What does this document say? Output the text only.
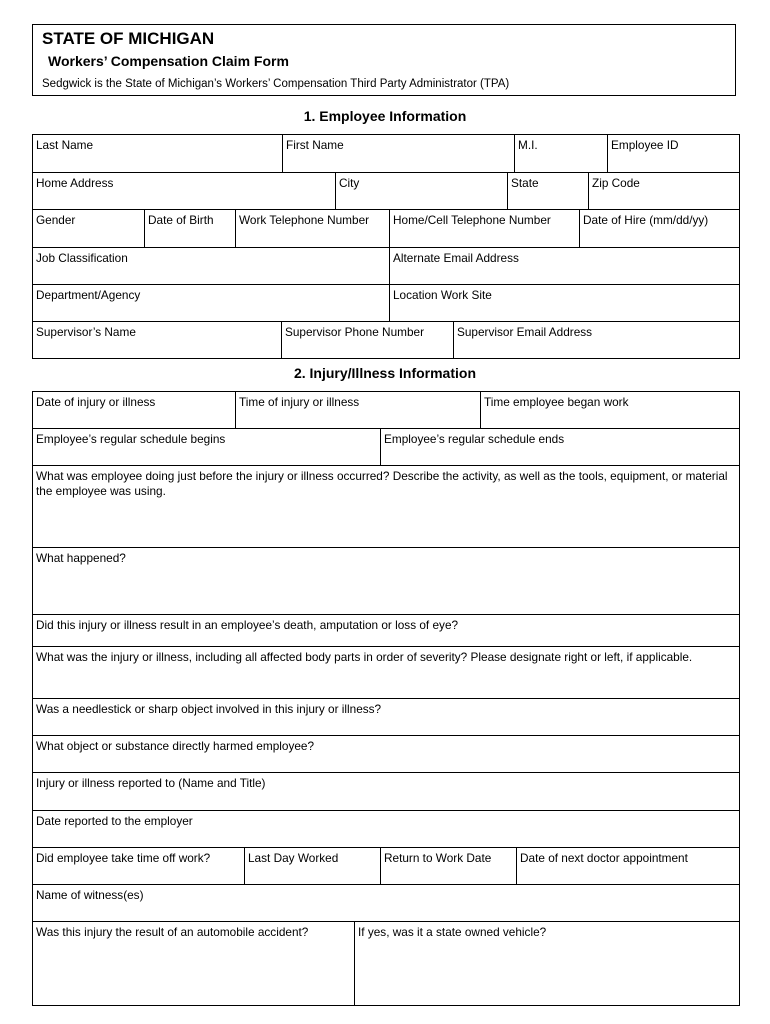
STATE OF MICHIGAN
Workers’ Compensation Claim Form
Sedgwick is the State of Michigan’s Workers’ Compensation Third Party Administrator (TPA)
1. Employee Information
Last Name	First Name	M.I.	Employee ID
Home Address	City	State	Zip Code
Gender	Date of Birth	Work Telephone Number	Home/Cell Telephone Number	Date of Hire (mm/dd/yy)
Job Classification	Alternate Email Address
Department/Agency	Location Work Site
Supervisor’s Name	Supervisor Phone Number	Supervisor Email Address
2. Injury/Illness Information
Date of injury or illness	Time of injury or illness	Time employee began work
Employee’s regular schedule begins	Employee’s regular schedule ends
What was employee doing just before the injury or illness occurred? Describe the activity, as well as the tools, equipment, or material the employee was using.
What happened?
Did this injury or illness result in an employee’s death, amputation or loss of eye?
What was the injury or illness, including all affected body parts in order of severity? Please designate right or left, if applicable.
Was a needlestick or sharp object involved in this injury or illness?
What object or substance directly harmed employee?
Injury or illness reported to (Name and Title)
Date reported to the employer
Did employee take time off work?	Last Day Worked	Return to Work Date	Date of next doctor appointment
Name of witness(es)
Was this injury the result of an automobile accident?	If yes, was it a state owned vehicle?
